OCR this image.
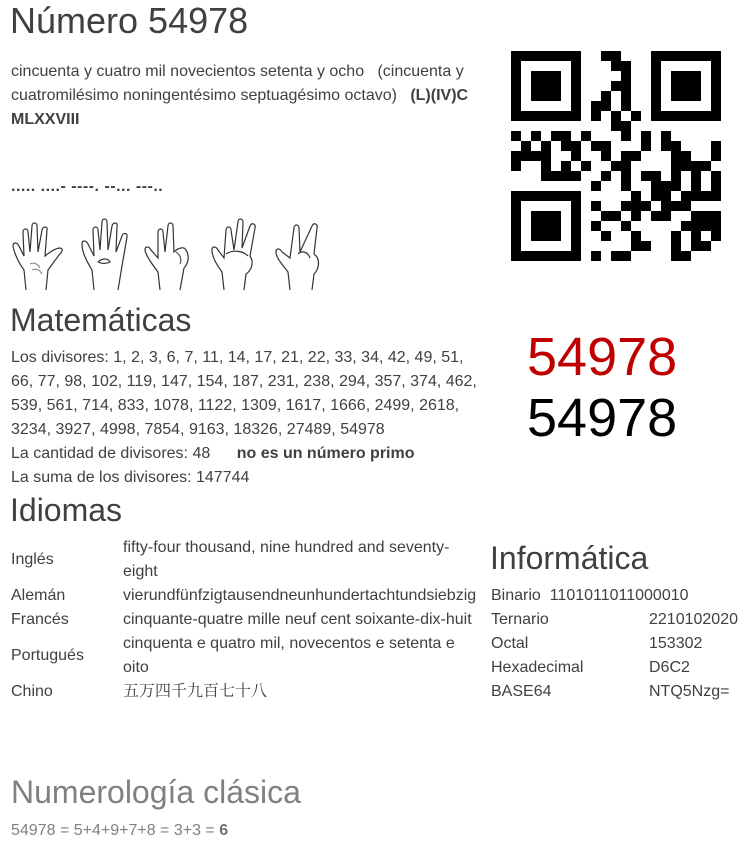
Número 54978
cincuenta y cuatro mil novecientos setenta y ocho (cincuenta y cuatromilésimo noningentésimo septuagésimo octavo) (L)(IV)C MLXXVIII
..... ....- ----. --... ---..
Matemáticas
Los divisores: 1, 2, 3, 6, 7, 11, 14, 17, 21, 22, 33, 34, 42, 49, 51, 66, 77, 98, 102, 119, 147, 154, 187, 231, 238, 294, 357, 374, 462, 539, 561, 714, 833, 1078, 1122, 1309, 1617, 1666, 2499, 2618, 3234, 3927, 4998, 7854, 9163, 18326, 27489, 54978
La cantidad de divisores: 48 no es un número primo
La suma de los divisores: 147744
54978
54978
Idiomas
Inglés	fifty-four thousand, nine hundred and seventy-eight
Alemán	vierundfünfzigtausendneunhundertachtundsiebzig
Francés	cinquante-quatre mille neuf cent soixante-dix-huit
Portugués	cinquenta e quatro mil, novecentos e setenta e oito
Chino	五万四千九百七十八
Informática
Binario 1101011011000010	
Ternario	2210102020
Octal	153302
Hexadecimal	D6C2
BASE64	NTQ5Nzg=
Numerología clásica
54978 = 5+4+9+7+8 = 3+3 = 6
